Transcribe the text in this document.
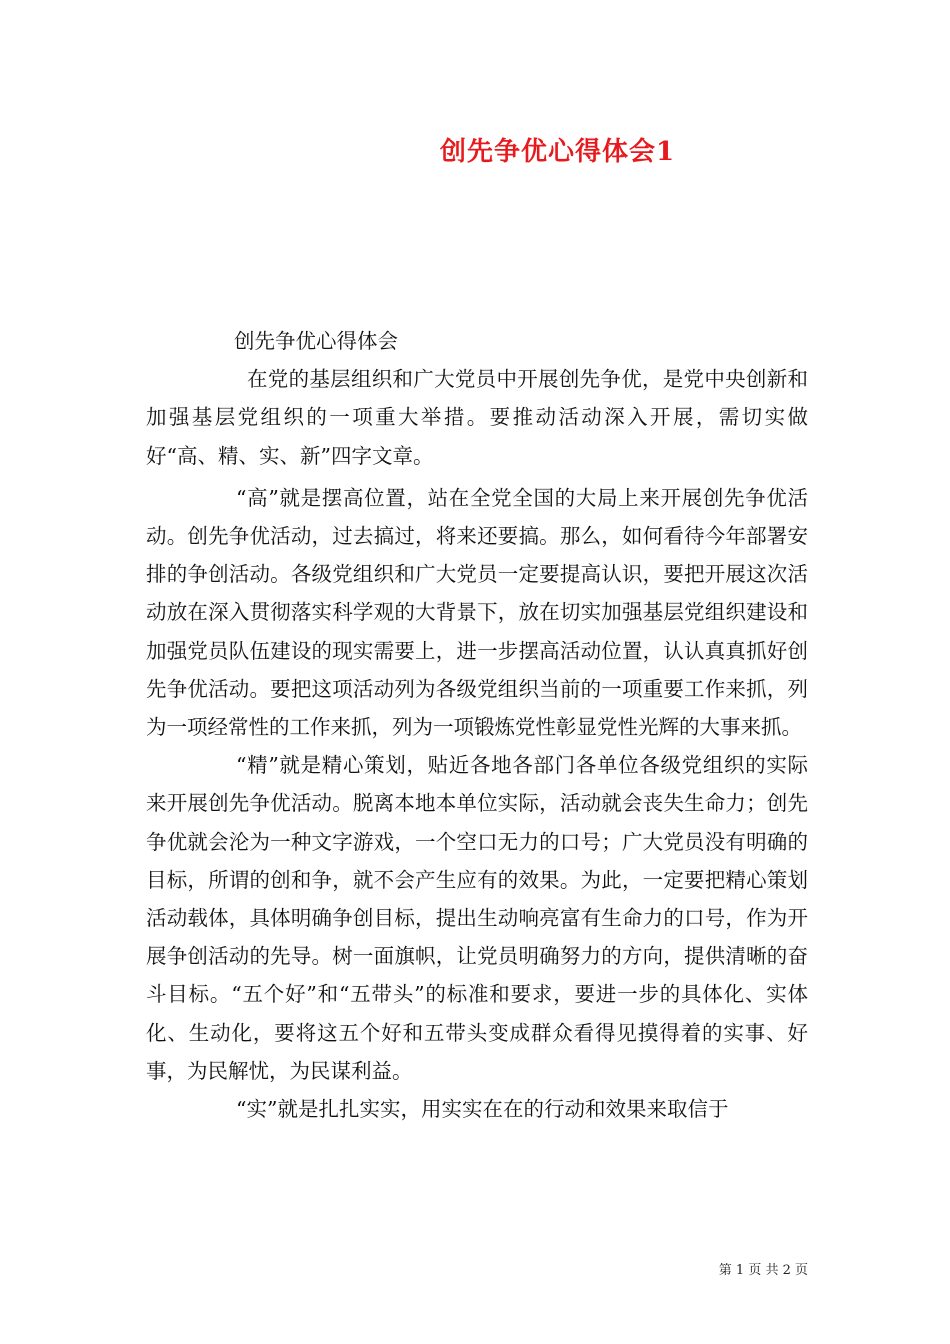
创先争优心得体会1

创先争优心得体会

在党的基层组织和广大党员中开展创先争优，是党中央创新和加强基层党组织的一项重大举措。要推动活动深入开展，需切实做好“高、精、实、新”四字文章。

“高”就是摆高位置，站在全党全国的大局上来开展创先争优活动。创先争优活动，过去搞过，将来还要搞。那么，如何看待今年部署安排的争创活动。各级党组织和广大党员一定要提高认识，要把开展这次活动放在深入贯彻落实科学观的大背景下，放在切实加强基层党组织建设和加强党员队伍建设的现实需要上，进一步摆高活动位置，认认真真抓好创先争优活动。要把这项活动列为各级党组织当前的一项重要工作来抓，列为一项经常性的工作来抓，列为一项锻炼党性彰显党性光辉的大事来抓。

“精”就是精心策划，贴近各地各部门各单位各级党组织的实际来开展创先争优活动。脱离本地本单位实际，活动就会丧失生命力；创先争优就会沦为一种文字游戏，一个空口无力的口号；广大党员没有明确的目标，所谓的创和争，就不会产生应有的效果。为此，一定要把精心策划活动载体，具体明确争创目标，提出生动响亮富有生命力的口号，作为开展争创活动的先导。树一面旗帜，让党员明确努力的方向，提供清晰的奋斗目标。“五个好”和“五带头”的标准和要求，要进一步的具体化、实体化、生动化，要将这五个好和五带头变成群众看得见摸得着的实事、好事，为民解忧，为民谋利益。

“实”就是扎扎实实，用实实在在的行动和效果来取信于

第 1 页 共 2 页
